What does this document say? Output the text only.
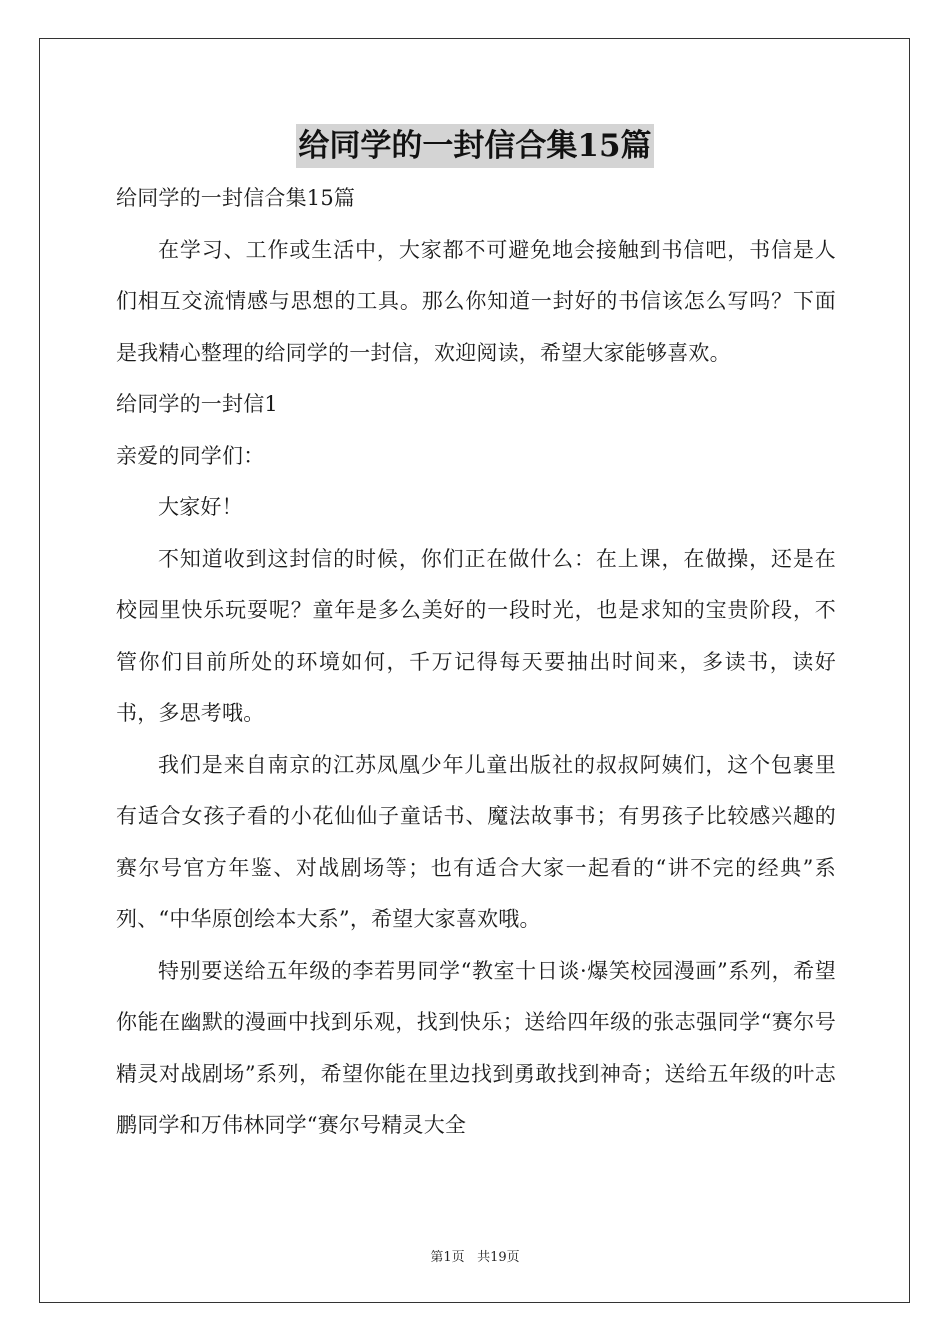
给同学的一封信合集15篇

给同学的一封信合集15篇

在学习、工作或生活中，大家都不可避免地会接触到书信吧，书信是人们相互交流情感与思想的工具。那么你知道一封好的书信该怎么写吗？下面是我精心整理的给同学的一封信，欢迎阅读，希望大家能够喜欢。

给同学的一封信1

亲爱的同学们：

大家好！

不知道收到这封信的时候，你们正在做什么：在上课，在做操，还是在校园里快乐玩耍呢？童年是多么美好的一段时光，也是求知的宝贵阶段，不管你们目前所处的环境如何，千万记得每天要抽出时间来，多读书，读好书，多思考哦。

我们是来自南京的江苏凤凰少年儿童出版社的叔叔阿姨们，这个包裹里有适合女孩子看的小花仙仙子童话书、魔法故事书；有男孩子比较感兴趣的赛尔号官方年鉴、对战剧场等；也有适合大家一起看的“讲不完的经典”系列、“中华原创绘本大系”，希望大家喜欢哦。

特别要送给五年级的李若男同学“教室十日谈·爆笑校园漫画”系列，希望你能在幽默的漫画中找到乐观，找到快乐；送给四年级的张志强同学“赛尔号精灵对战剧场”系列，希望你能在里边找到勇敢找到神奇；送给五年级的叶志鹏同学和万伟林同学“赛尔号精灵大全

第1页 共19页
